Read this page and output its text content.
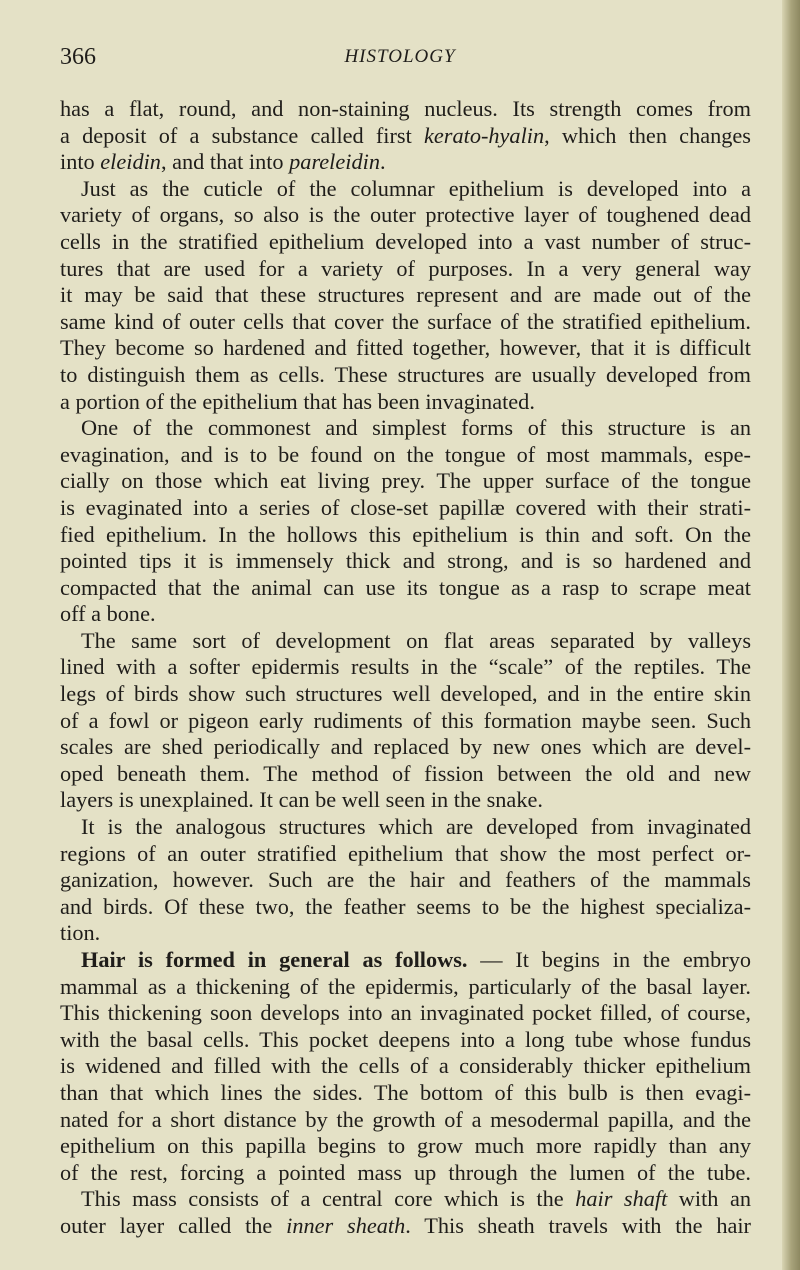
366	HISTOLOGY
has a flat, round, and non-staining nucleus. Its strength comes from
a deposit of a substance called first kerato-hyalin, which then changes
into eleidin, and that into pareleidin.
Just as the cuticle of the columnar epithelium is developed into a
variety of organs, so also is the outer protective layer of toughened dead
cells in the stratified epithelium developed into a vast number of struc-
tures that are used for a variety of purposes. In a very general way
it may be said that these structures represent and are made out of the
same kind of outer cells that cover the surface of the stratified epithelium.
They become so hardened and fitted together, however, that it is difficult
to distinguish them as cells. These structures are usually developed from
a portion of the epithelium that has been invaginated.
One of the commonest and simplest forms of this structure is an
evagination, and is to be found on the tongue of most mammals, espe-
cially on those which eat living prey. The upper surface of the tongue
is evaginated into a series of close-set papillæ covered with their strati-
fied epithelium. In the hollows this epithelium is thin and soft. On the
pointed tips it is immensely thick and strong, and is so hardened and
compacted that the animal can use its tongue as a rasp to scrape meat
off a bone.
The same sort of development on flat areas separated by valleys
lined with a softer epidermis results in the “scale” of the reptiles. The
legs of birds show such structures well developed, and in the entire skin
of a fowl or pigeon early rudiments of this formation maybe seen. Such
scales are shed periodically and replaced by new ones which are devel-
oped beneath them. The method of fission between the old and new
layers is unexplained. It can be well seen in the snake.
It is the analogous structures which are developed from invaginated
regions of an outer stratified epithelium that show the most perfect or-
ganization, however. Such are the hair and feathers of the mammals
and birds. Of these two, the feather seems to be the highest specializa-
tion.
Hair is formed in general as follows. — It begins in the embryo
mammal as a thickening of the epidermis, particularly of the basal layer.
This thickening soon develops into an invaginated pocket filled, of course,
with the basal cells. This pocket deepens into a long tube whose fundus
is widened and filled with the cells of a considerably thicker epithelium
than that which lines the sides. The bottom of this bulb is then evagi-
nated for a short distance by the growth of a mesodermal papilla, and the
epithelium on this papilla begins to grow much more rapidly than any
of the rest, forcing a pointed mass up through the lumen of the tube.
This mass consists of a central core which is the hair shaft with an
outer layer called the inner sheath. This sheath travels with the hair
